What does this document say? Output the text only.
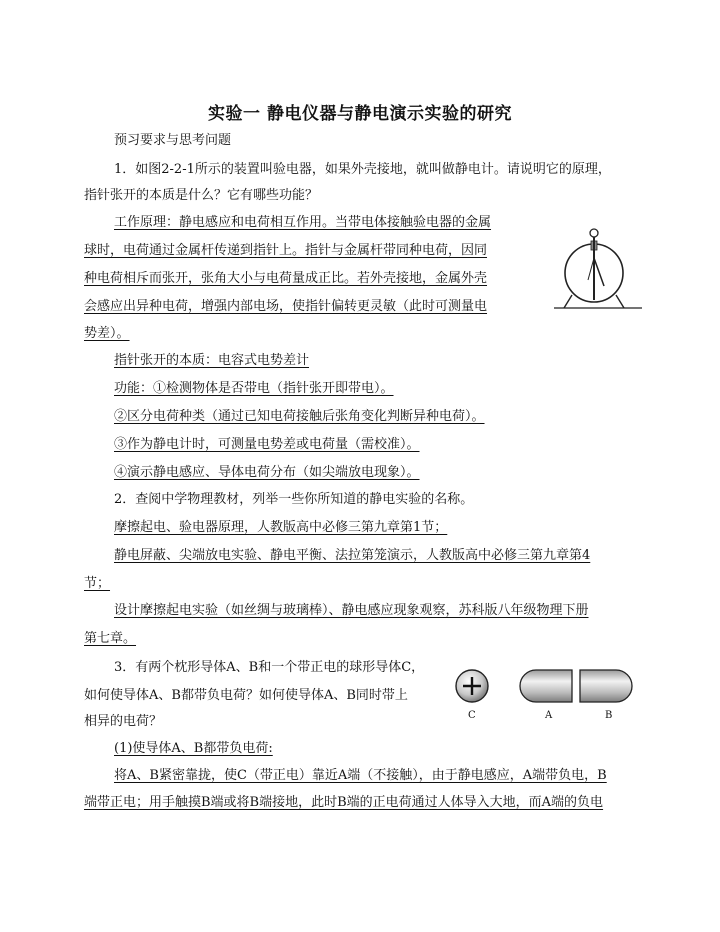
实验一 静电仪器与静电演示实验的研究
预习要求与思考问题
1．如图2-2-1所示的装置叫验电器，如果外壳接地，就叫做静电计。请说明它的原理，
指针张开的本质是什么？它有哪些功能？
工作原理：静电感应和电荷相互作用。当带电体接触验电器的金属
球时，电荷通过金属杆传递到指针上。指针与金属杆带同种电荷，因同
种电荷相斥而张开，张角大小与电荷量成正比。若外壳接地，金属外壳
会感应出异种电荷，增强内部电场，使指针偏转更灵敏（此时可测量电
势差）。
指针张开的本质：电容式电势差计
功能：①检测物体是否带电（指针张开即带电）。
②区分电荷种类（通过已知电荷接触后张角变化判断异种电荷）。
③作为静电计时，可测量电势差或电荷量（需校准）。
④演示静电感应、导体电荷分布（如尖端放电现象）。
2．查阅中学物理教材，列举一些你所知道的静电实验的名称。
摩擦起电、验电器原理，人教版高中必修三第九章第1节；
静电屏蔽、尖端放电实验、静电平衡、法拉第笼演示，人教版高中必修三第九章第4
节；
设计摩擦起电实验（如丝绸与玻璃棒）、静电感应现象观察，苏科版八年级物理下册
第七章。
3．有两个枕形导体A、B和一个带正电的球形导体C，
如何使导体A、B都带负电荷？如何使导体A、B同时带上
相异的电荷？	C	A	B
(1)使导体A、B都带负电荷:
将A、B紧密靠拢，使C（带正电）靠近A端（不接触），由于静电感应，A端带负电，B
端带正电；用手触摸B端或将B端接地，此时B端的正电荷通过人体导入大地，而A端的负电
